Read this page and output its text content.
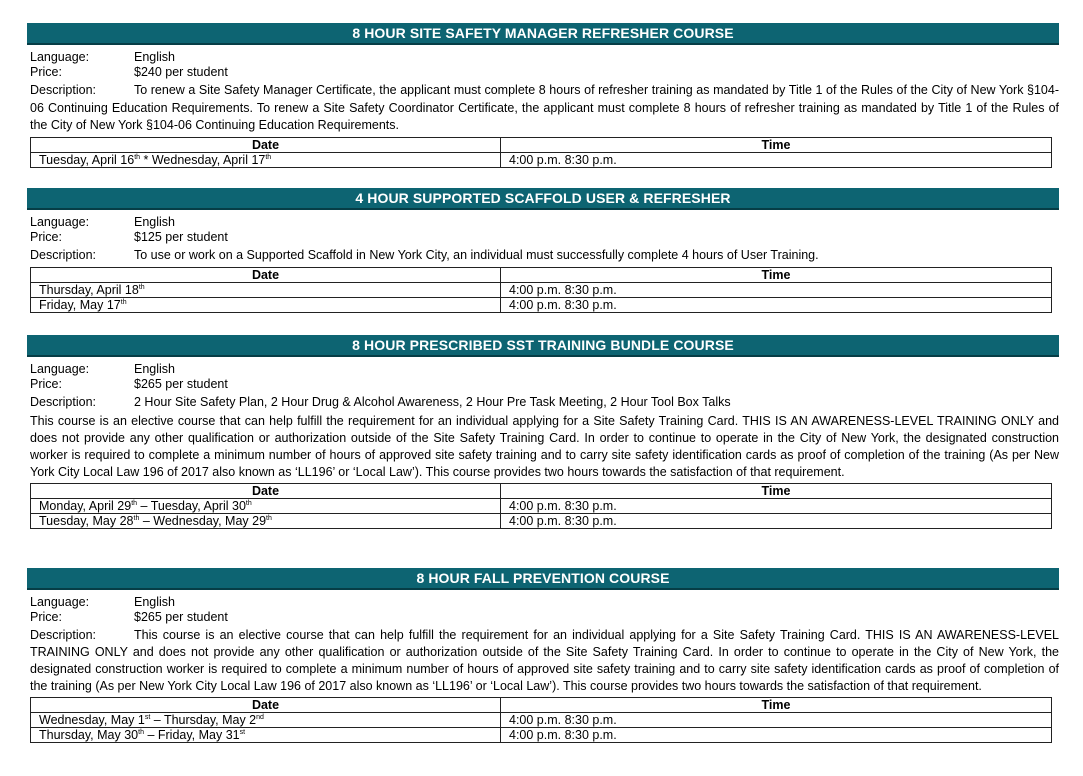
8 HOUR SITE SAFETY MANAGER REFRESHER COURSE
Language:	English
Price:	$240 per student
Description:	To renew a Site Safety Manager Certificate, the applicant must complete 8 hours of refresher training as mandated by Title 1 of the Rules of the City of New York §104- 06 Continuing Education Requirements. To renew a Site Safety Coordinator Certificate, the applicant must complete 8 hours of refresher training as mandated by Title 1 of the Rules of the City of New York §104-06 Continuing Education Requirements.
Date	Time
Tuesday, April 16th * Wednesday, April 17th	4:00 p.m. 8:30 p.m.
4 HOUR SUPPORTED SCAFFOLD USER & REFRESHER
Language:	English
Price:	$125 per student
Description:	To use or work on a Supported Scaffold in New York City, an individual must successfully complete 4 hours of User Training.
Date	Time
Thursday, April 18th	4:00 p.m. 8:30 p.m.
Friday, May 17th	4:00 p.m. 8:30 p.m.
8 HOUR PRESCRIBED SST TRAINING BUNDLE COURSE
Language:	English
Price:	$265 per student
Description:	2 Hour Site Safety Plan, 2 Hour Drug & Alcohol Awareness, 2 Hour Pre Task Meeting, 2 Hour Tool Box Talks
This course is an elective course that can help fulfill the requirement for an individual applying for a Site Safety Training Card. THIS IS AN AWARENESS-LEVEL TRAINING ONLY and does not provide any other qualification or authorization outside of the Site Safety Training Card. In order to continue to operate in the City of New York, the designated construction worker is required to complete a minimum number of hours of approved site safety training and to carry site safety identification cards as proof of completion of the training (As per New York City Local Law 196 of 2017 also known as ‘LL196’ or ‘Local Law’). This course provides two hours towards the satisfaction of that requirement.
Date	Time
Monday, April 29th – Tuesday, April 30th	4:00 p.m. 8:30 p.m.
Tuesday, May 28th – Wednesday, May 29th	4:00 p.m. 8:30 p.m.
8 HOUR FALL PREVENTION COURSE
Language:	English
Price:	$265 per student
Description:	This course is an elective course that can help fulfill the requirement for an individual applying for a Site Safety Training Card. THIS IS AN AWARENESS-LEVEL TRAINING ONLY and does not provide any other qualification or authorization outside of the Site Safety Training Card. In order to continue to operate in the City of New York, the designated construction worker is required to complete a minimum number of hours of approved site safety training and to carry site safety identification cards as proof of completion of the training (As per New York City Local Law 196 of 2017 also known as ‘LL196’ or ‘Local Law’). This course provides two hours towards the satisfaction of that requirement.
Date	Time
Wednesday, May 1st – Thursday, May 2nd	4:00 p.m. 8:30 p.m.
Thursday, May 30th – Friday, May 31st	4:00 p.m. 8:30 p.m.
